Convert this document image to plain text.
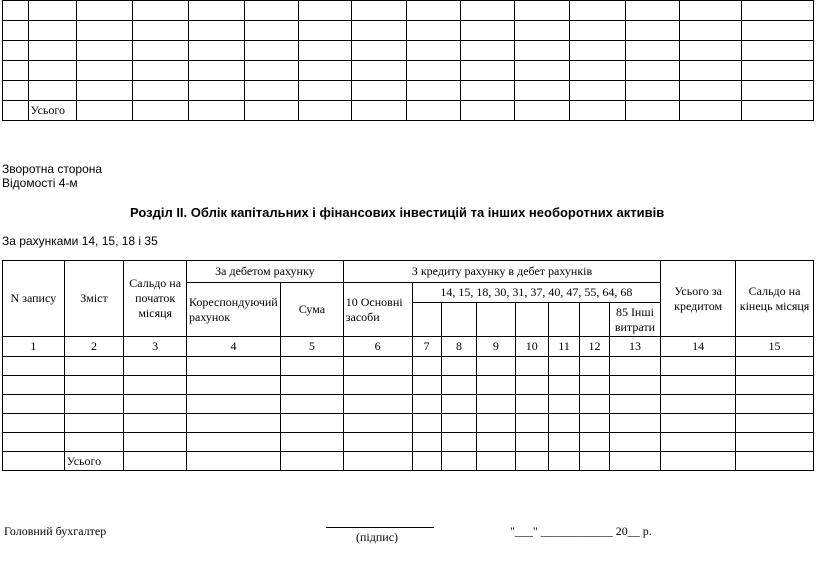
	Усього													
Зворотна сторона
Відомості 4-м
Розділ ІІ. Облік капітальних і фінансових інвестицій та інших необоротних активів
За рахунками 14, 15, 18 і 35
N запису	Зміст	Сальдо на початок місяця	За дебетом рахунку		З кредиту рахунку в дебет рахунків								Усього за кредитом	Сальдо на кінець місяця
			Кореспондуючий рахунок	Сума	10 Основні засоби	14, 15, 18, 30, 31, 37, 40, 47, 55, 64, 68								
												85 Інші витрати		
1	2	3	4	5	6	7	8	9	10	11	12	13	14	15

	Усього													
Головний бухгалтер	(підпис)	"___" ____________ 20__ р.
